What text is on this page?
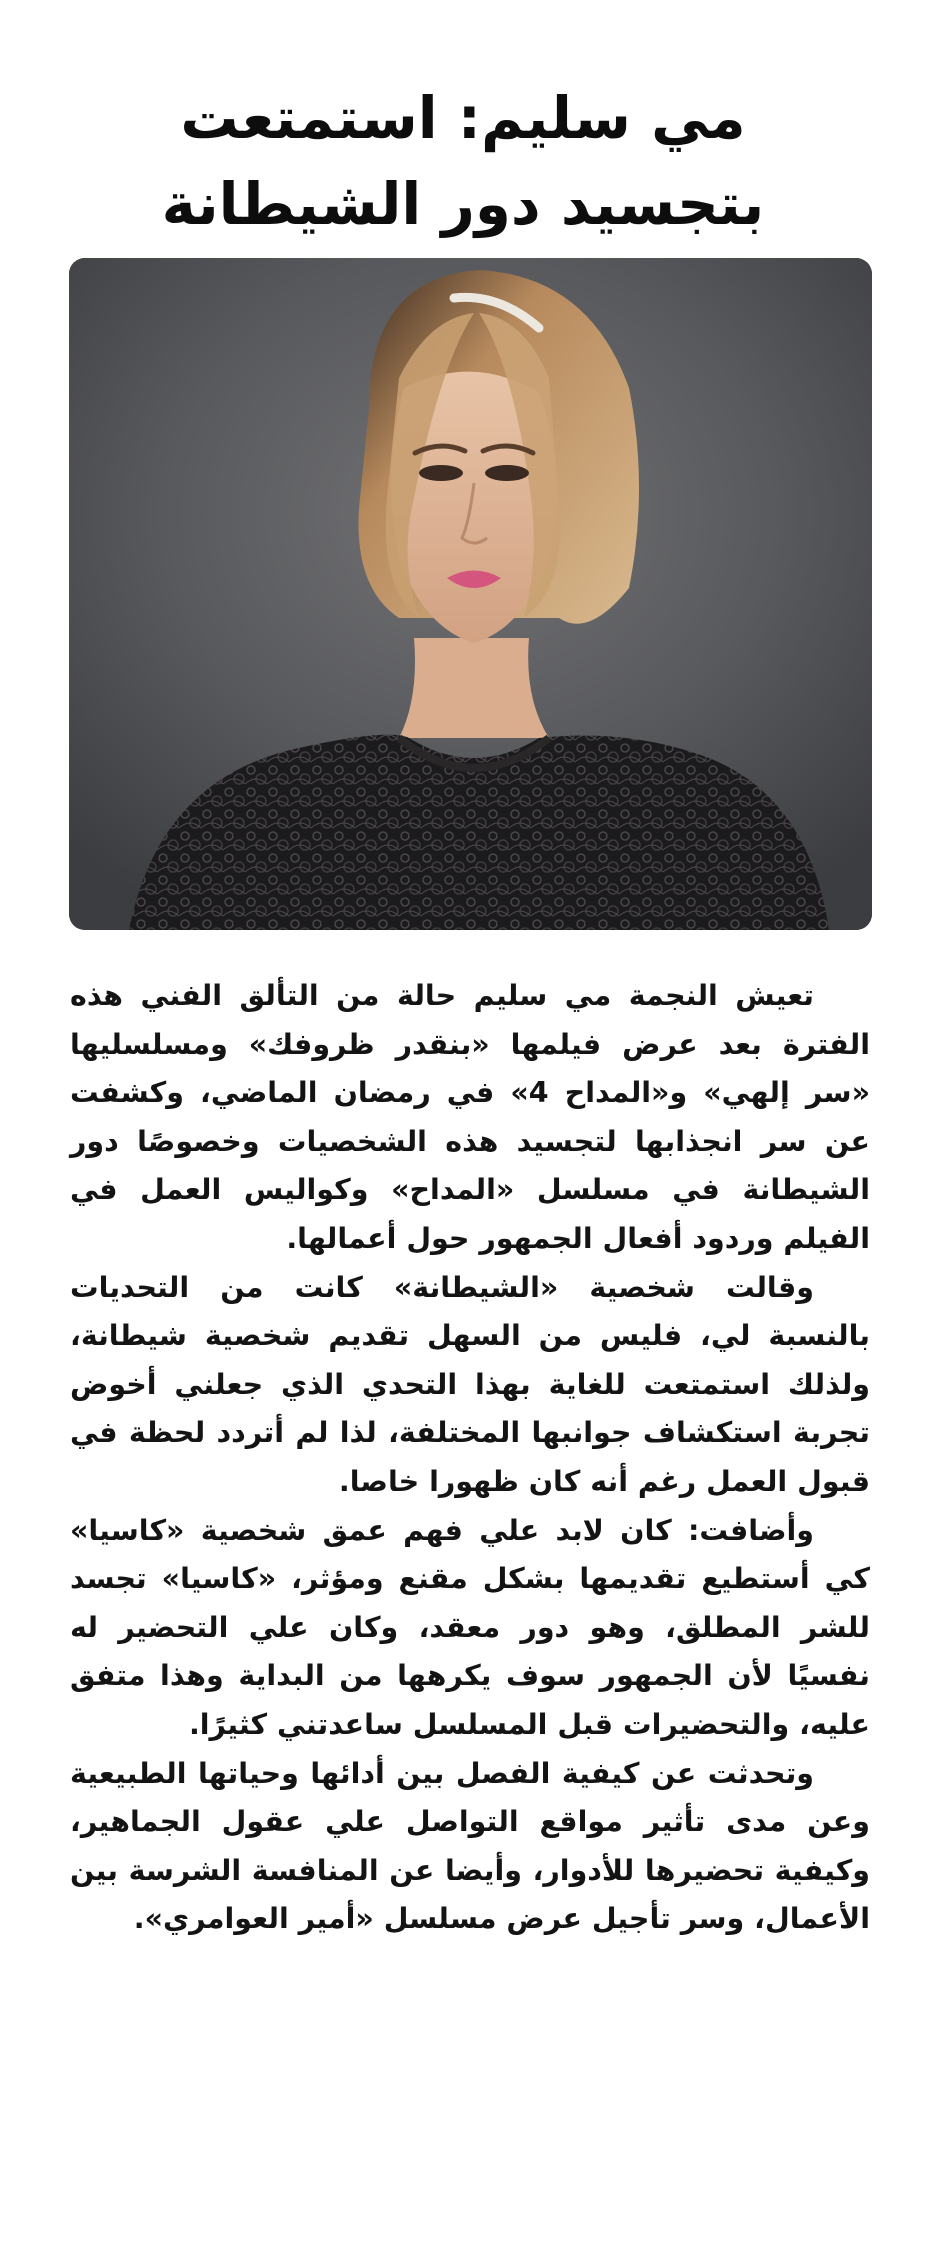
مي سليم: استمتعت
بتجسيد دور الشيطانة

تعيش النجمة مي سليم حالة من التألق الفني هذه الفترة بعد عرض فيلمها «بنقدر ظروفك» ومسلسليها «سر إلهي» و«المداح 4» في رمضان الماضي، وكشفت عن سر انجذابها لتجسيد هذه الشخصيات وخصوصًا دور الشيطانة في مسلسل «المداح» وكواليس العمل في الفيلم وردود أفعال الجمهور حول أعمالها.

وقالت شخصية «الشيطانة» كانت من التحديات بالنسبة لي، فليس من السهل تقديم شخصية شيطانة، ولذلك استمتعت للغاية بهذا التحدي الذي جعلني أخوض تجربة استكشاف جوانبها المختلفة، لذا لم أتردد لحظة في قبول العمل رغم أنه كان ظهورا خاصا.

وأضافت: كان لابد علي فهم عمق شخصية «كاسيا» كي أستطيع تقديمها بشكل مقنع ومؤثر، «كاسيا» تجسد للشر المطلق، وهو دور معقد، وكان علي التحضير له نفسيًا لأن الجمهور سوف يكرهها من البداية وهذا متفق عليه، والتحضيرات قبل المسلسل ساعدتني كثيرًا.

وتحدثت عن كيفية الفصل بين أدائها وحياتها الطبيعية وعن مدى تأثير مواقع التواصل علي عقول الجماهير، وكيفية تحضيرها للأدوار، وأيضا عن المنافسة الشرسة بين الأعمال، وسر تأجيل عرض مسلسل «أمير العوامري».
